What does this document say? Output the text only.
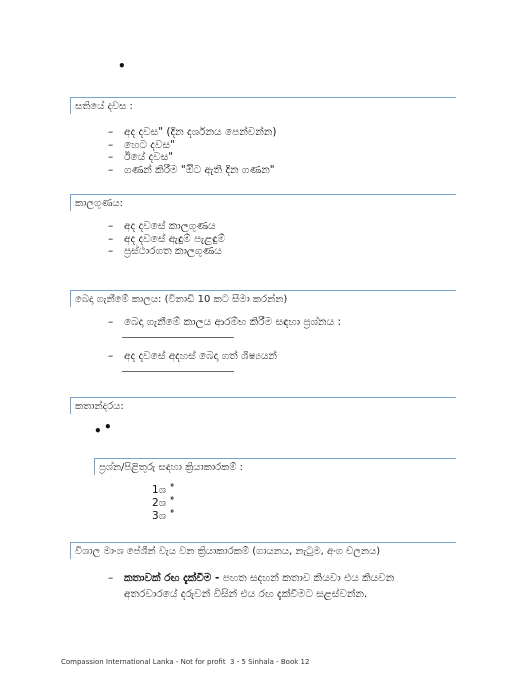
•
සතියේ දවස :
– අද දවස" (දින දර්ශනය පෙන්වන්න)
– හෙට දවස"
– ඊයේ දවස"
– ගණන් කිරීම "ඔිට ඇති දින ගණන"
කාලගුණය:
– අද දවසේ කාලගුණය
– අද දවසේ ඇඳුම් පැළඳුම්
– ප්‍රස්ථාරගත කාලගුණය
බෙදා ගැනීමේ කාලය: (විනාඩි 10 කට සීමා කරන්න)
– බෙදා ගැනීමේ කාලය ආරම්භ කිරීම සඳහා ප්‍රශ්නය :
– අද දවසේ අදහස් බෙදා ගත් ශිෂ්‍යයන්
කතාන්දරය:
• •
ප්‍රශ්න/පිළිතුරු සඳහා ක්‍රියාකාරකම් :
1ශ ˚
2ශ ˚
3ශ ˚
විශාල මාංශ පේශීන් වැය වන ක්‍රියාකාරකම් (ගායනය, නැටුම, අංග චලනය)
– කතාවක් රඟ දැක්වීම - පහත සදහන් කතාව කියවා එය කියවන
අතරවාරයේ දරුවන් විසින් එය රඟ දැක්වීමට සළස්වන්න.
Compassion International Lanka - Not for profit 3 - 5 Sinhala - Book 12
